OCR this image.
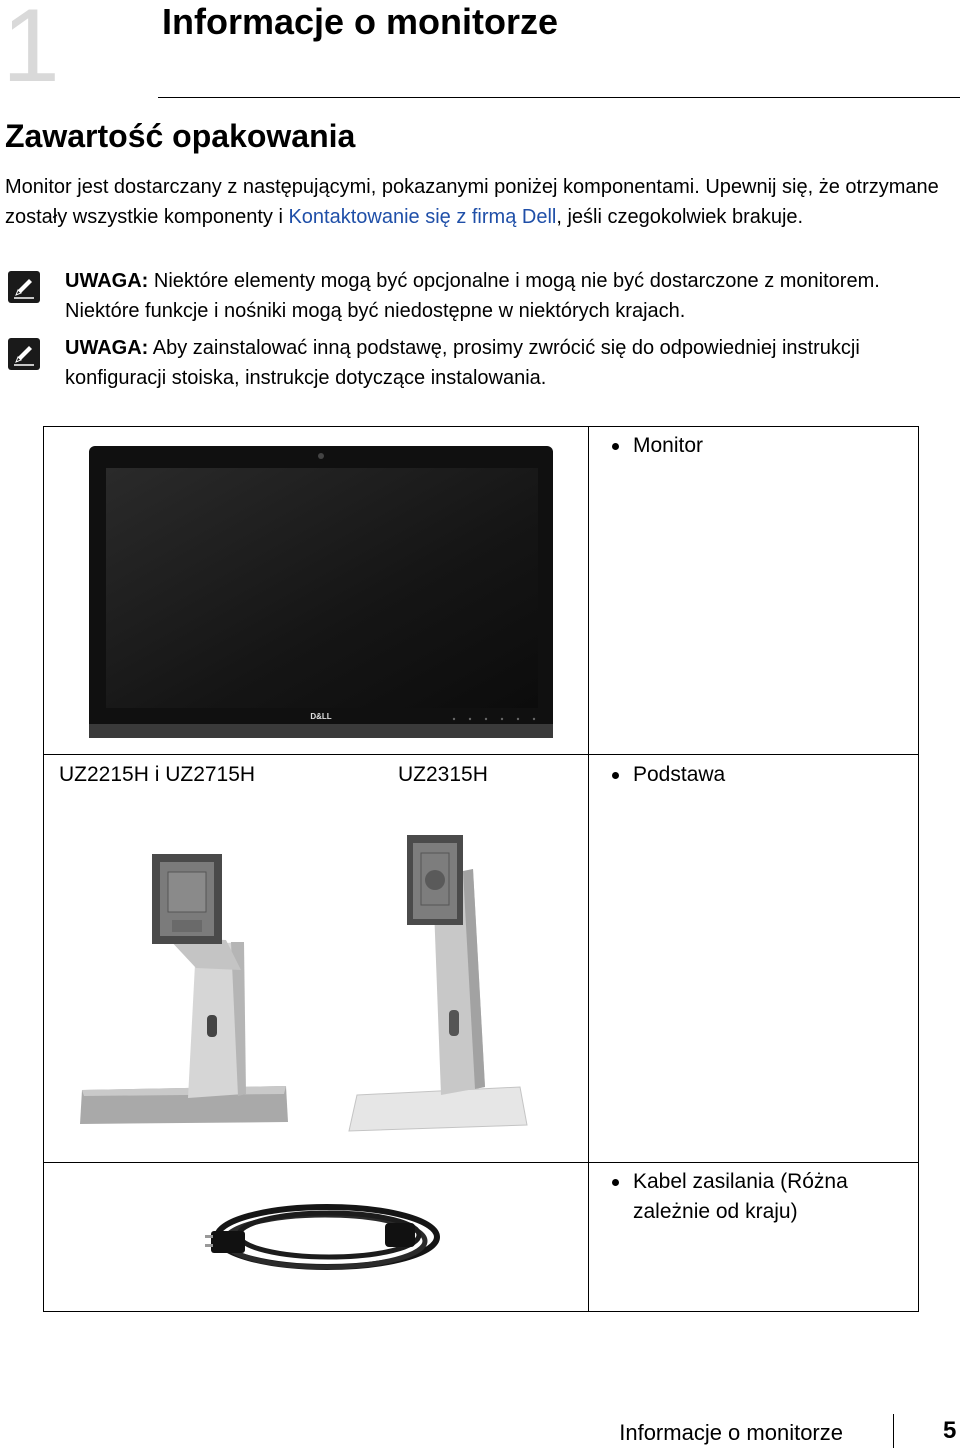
1	Informacje o monitorze
Zawartość opakowania
Monitor jest dostarczany z następującymi, pokazanymi poniżej komponentami. Upewnij się, że otrzymane zostały wszystkie komponenty i Kontaktowanie się z firmą Dell, jeśli czegokolwiek brakuje.
UWAGA: Niektóre elementy mogą być opcjonalne i mogą nie być dostarczone z monitorem. Niektóre funkcje i nośniki mogą być niedostępne w niektórych krajach.
UWAGA: Aby zainstalować inną podstawę, prosimy zwrócić się do odpowiedniej instrukcji konfiguracji stoiska, instrukcje dotyczące instalowania.
D&LL
Monitor
UZ2215H i UZ2715H	UZ2315H	Podstawa
Kabel zasilania (Różna zależnie od kraju)
Informacje o monitorze	5
